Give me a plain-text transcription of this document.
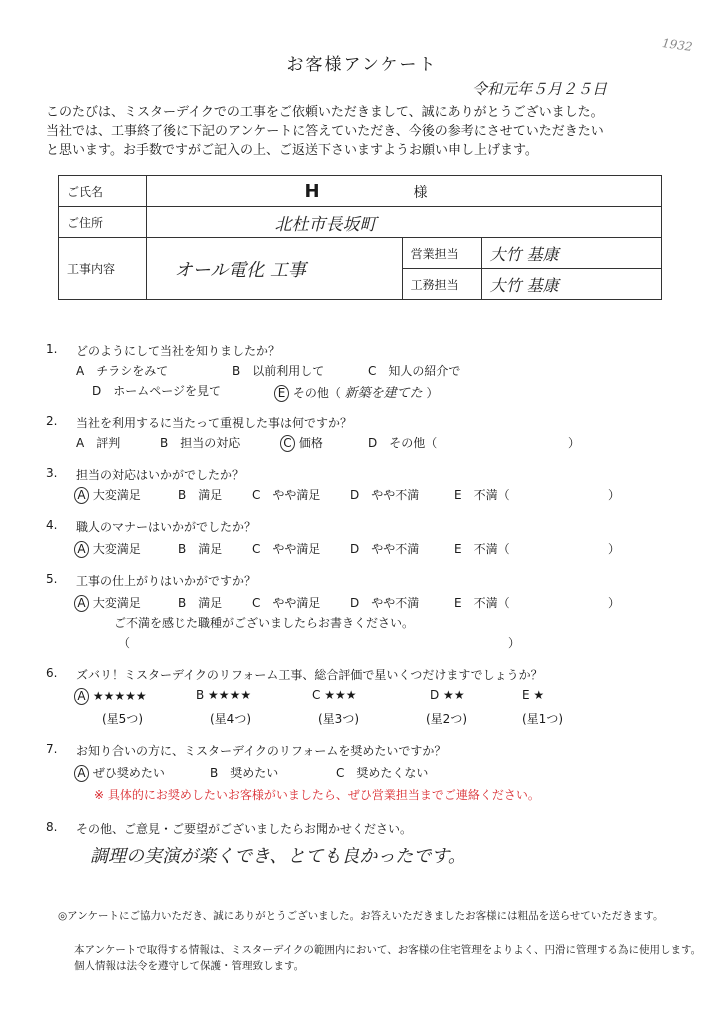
お客様アンケート
1932
令和元年５月２５日
このたびは、ミスターデイクでの工事をご依頼いただきまして、誠にありがとうございました。
当社では、工事終了後に下記のアンケートに答えていただき、今後の参考にさせていただきたい
と思います。お手数ですがご記入の上、ご返送下さいますようお願い申し上げます。
ご氏名	H 様		
ご住所	北杜市長坂町		
工事内容	オール電化 工事	営業担当	大竹 基康
		工務担当	大竹 基康
1. どのようにして当社を知りましたか？
A　チラシをみて	B　以前利用して	C　知人の紹介で
D　ホームページを見て	E その他（ 新築を建てた ）
2. 当社を利用するに当たって重視した事は何ですか？
A　評判	B　担当の対応	C 価格	D　その他（	）
3. 担当の対応はいかがでしたか？
A 大変満足	B　満足 C　やや満足 D　やや不満	E　不満（	）
4. 職人のマナーはいかがでしたか？
A 大変満足	B　満足 C　やや満足 D　やや不満	E　不満（	）
5. 工事の仕上がりはいかがですか？
A 大変満足	B　満足 C　やや満足 D　やや不満	E　不満（	）
ご不満を感じた職種がございましたらお書きください。
（	）
6. ズバリ！ミスターデイクのリフォーム工事、総合評価で星いくつだけますでしょうか？
A ★★★★★	B ★★★★	C ★★★	D ★★	E ★
(星5つ)	(星4つ)	(星3つ)	(星2つ)	(星1つ)
7. お知り合いの方に、ミスターデイクのリフォームを奨めたいですか？
A ぜひ奨めたい	B　奨めたい	C　奨めたくない
※ 具体的にお奨めしたいお客様がいましたら、ぜひ営業担当までご連絡ください。
8. その他、ご意見・ご要望がございましたらお聞かせください。
調理の実演が楽くでき、とても良かったです。
◎アンケートにご協力いただき、誠にありがとうございました。お答えいただきましたお客様には粗品を送らせていただきます。
本アンケートで取得する情報は、ミスターデイクの範囲内において、お客様の住宅管理をよりよく、円滑に管理する為に使用します。
個人情報は法令を遵守して保護・管理致します。
